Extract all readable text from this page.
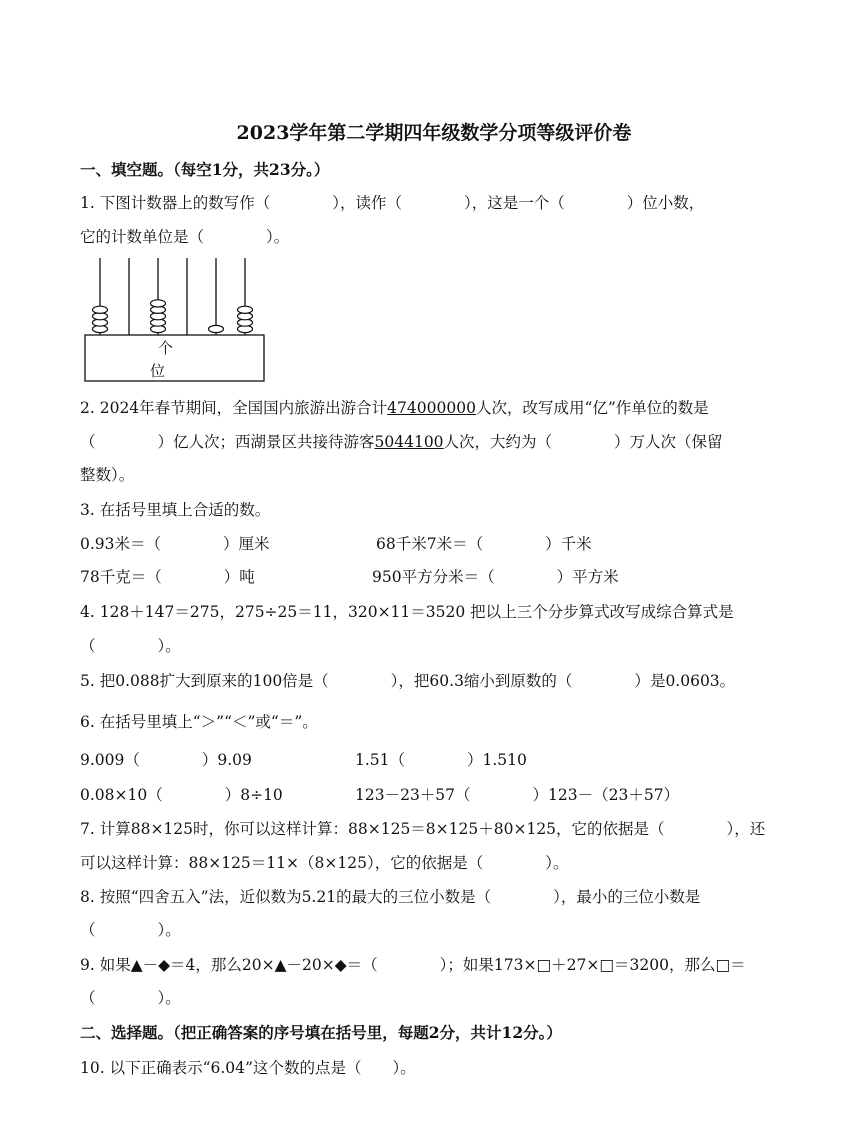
2023学年第二学期四年级数学分项等级评价卷
一、填空题。（每空1分，共23分。）
1. 下图计数器上的数写作（　　　　），读作（　　　　），这是一个（　　　　）位小数，
它的计数单位是（　　　　）。
个
位
2. 2024年春节期间，全国国内旅游出游合计474000000人次，改写成用“亿”作单位的数是
（　　　　）亿人次；西湖景区共接待游客5044100人次，大约为（　　　　）万人次（保留
整数）。
3. 在括号里填上合适的数。
0.93米＝（　　　　）厘米	68千米7米＝（　　　　）千米
78千克＝（　　　　）吨	950平方分米＝（　　　　）平方米
4. 128＋147＝275，275÷25＝11，320×11＝3520 把以上三个分步算式改写成综合算式是
（　　　　）。
5. 把0.088扩大到原来的100倍是（　　　　），把60.3缩小到原数的（　　　　）是0.0603。
6. 在括号里填上“＞”“＜”或“＝”。
9.009（　　　　）9.09	1.51（　　　　）1.510
0.08×10（　　　　）8÷10	123－23＋57（　　　　）123－（23＋57）
7. 计算88×125时，你可以这样计算：88×125＝8×125＋80×125，它的依据是（　　　　），还
可以这样计算：88×125＝11×（8×125），它的依据是（　　　　）。
8. 按照“四舍五入”法，近似数为5.21的最大的三位小数是（　　　　），最小的三位小数是
（　　　　）。
9. 如果▲－◆＝4，那么20×▲－20×◆＝（　　　　）；如果173×□＋27×□＝3200，那么□＝
（　　　　）。
二、选择题。（把正确答案的序号填在括号里，每题2分，共计12分。）
10. 以下正确表示“6.04”这个数的点是（　　）。
